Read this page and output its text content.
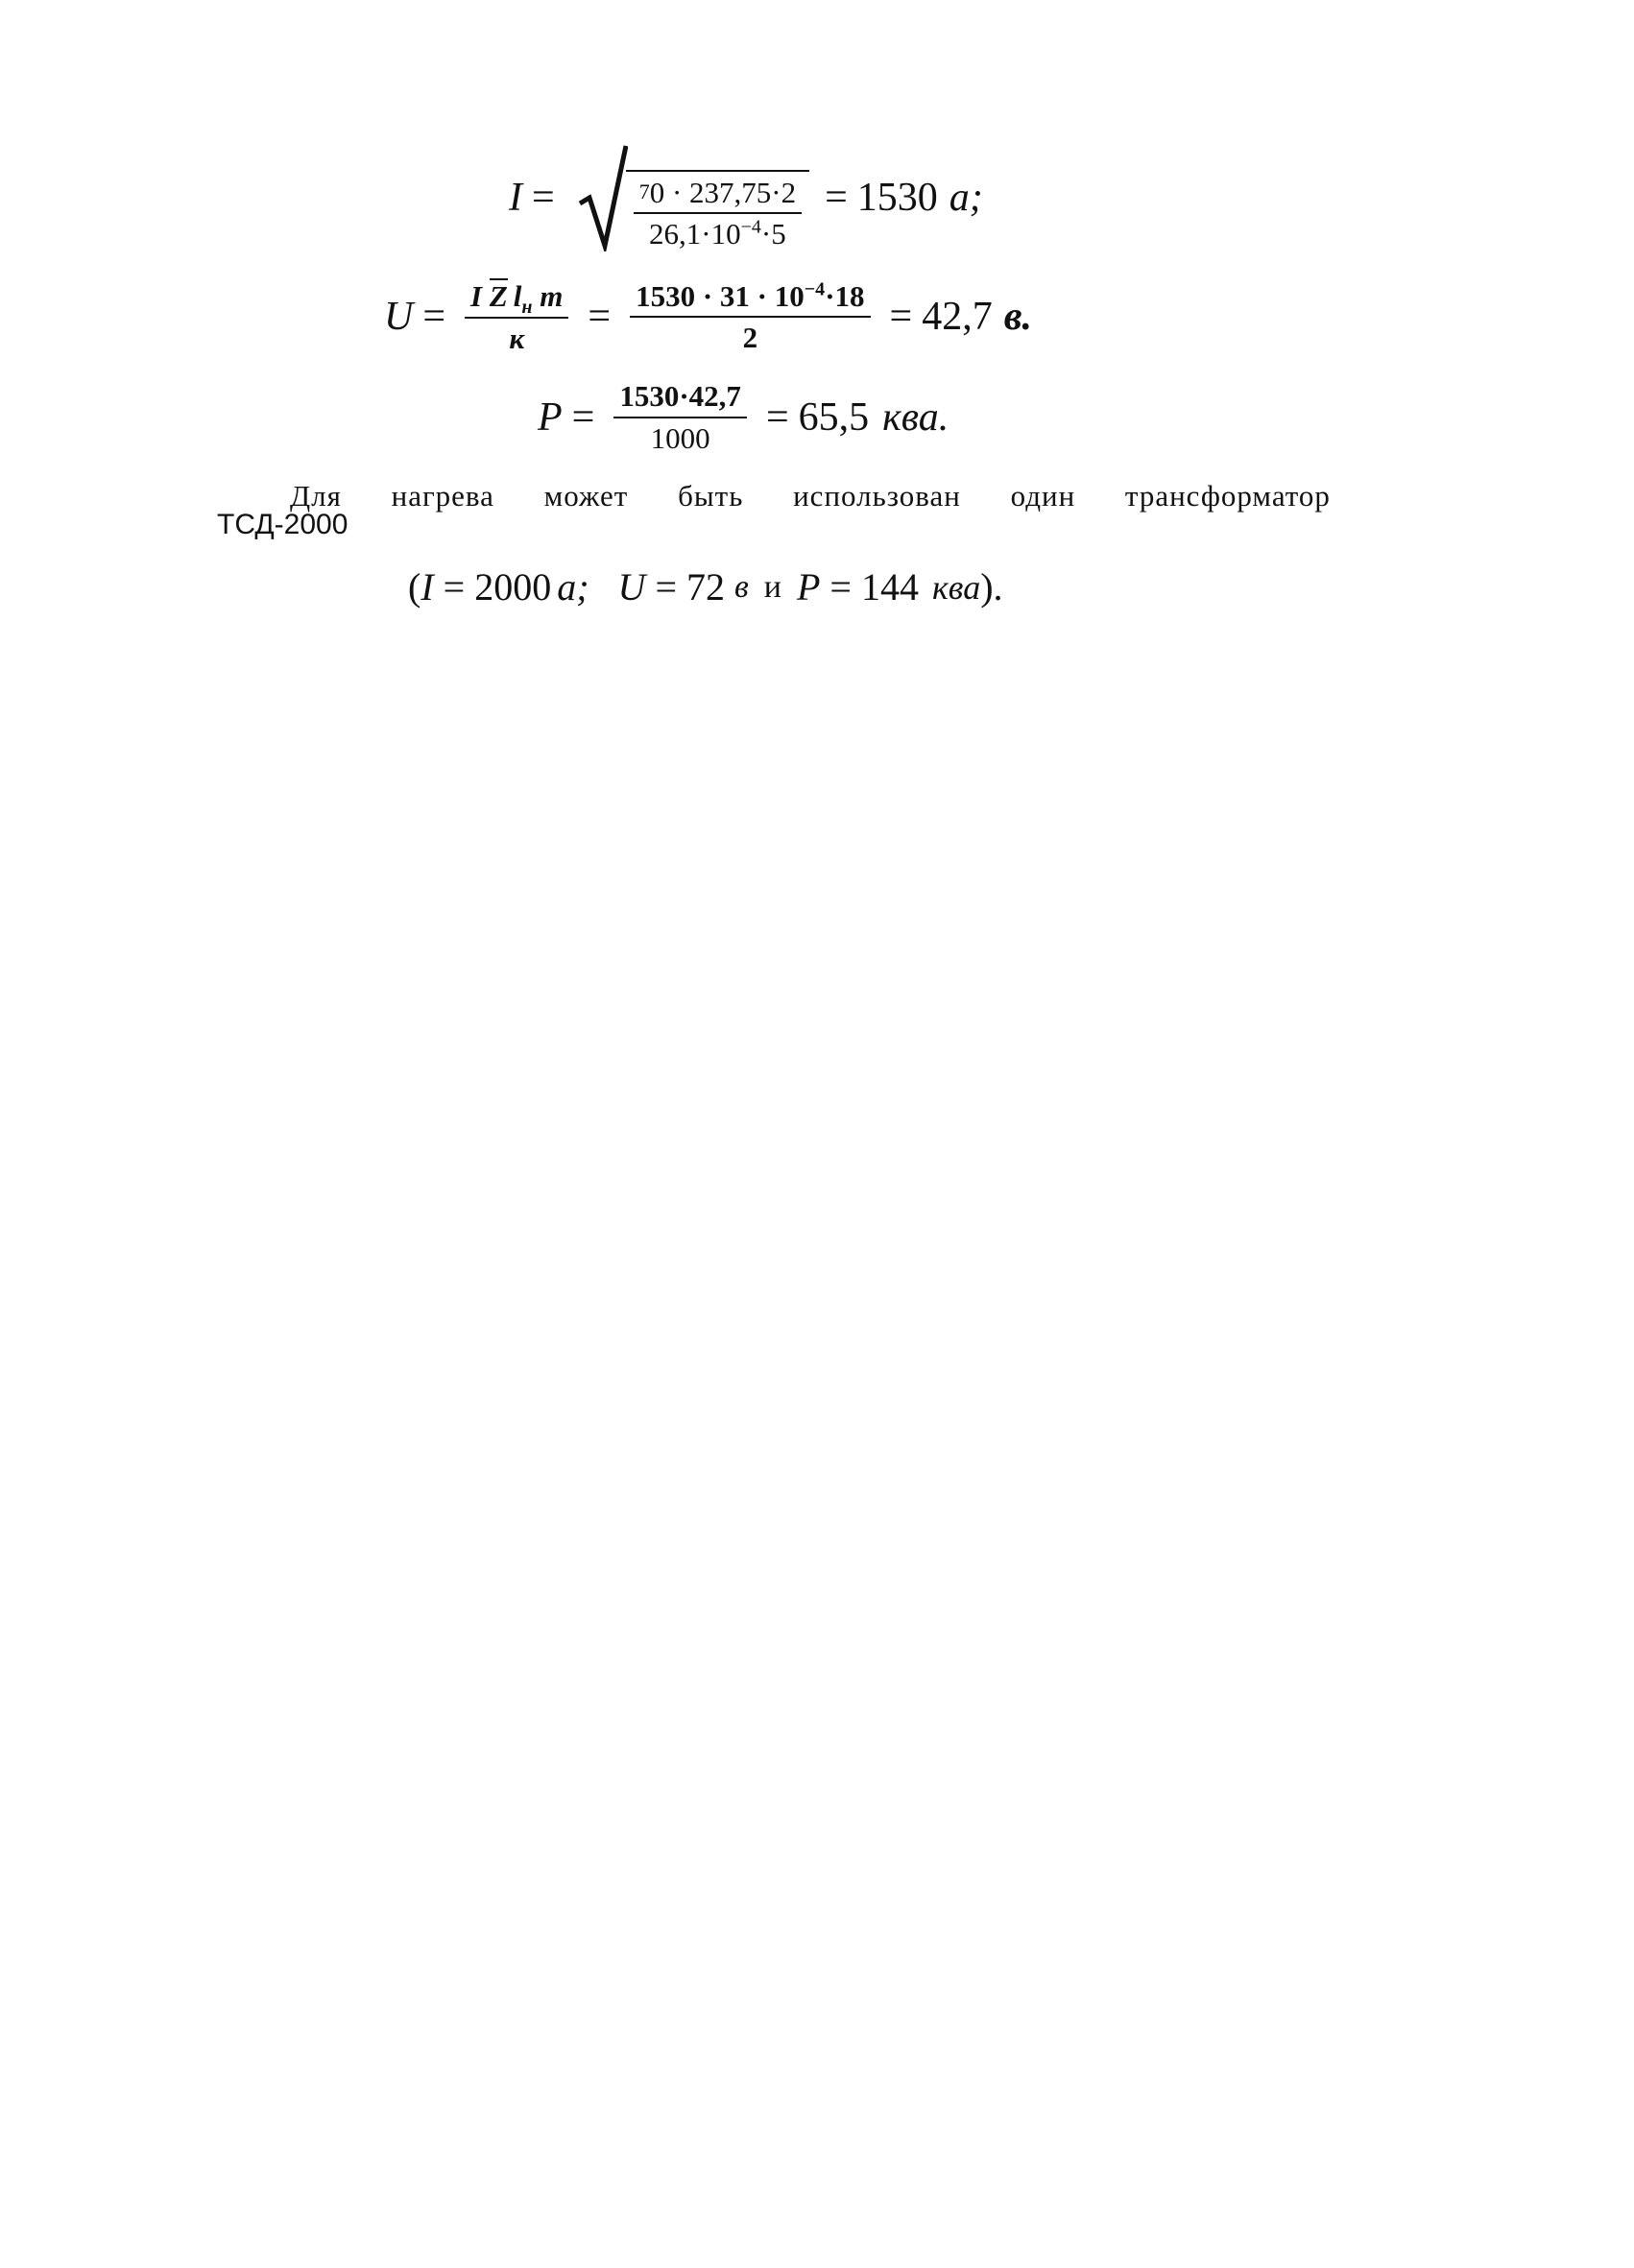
I =	$\frac{70 \cdot 237,75\cdot 2}{26,1\cdot 10^{-4}\cdot 5} = 1530$ a;
$U = \frac{I Z l_н m}{к} = \frac{1530 \cdot 31 \cdot 10^{-4}\cdot 18}{2} = 42,7$ в.
$P = \frac{1530\cdot 42,7}{1000} = 65,5$ ква.
Для нагрева может быть использован один трансформатор
ТСД-2000
( I = 2000 a; U = 72 в и P = 144 ква ).
